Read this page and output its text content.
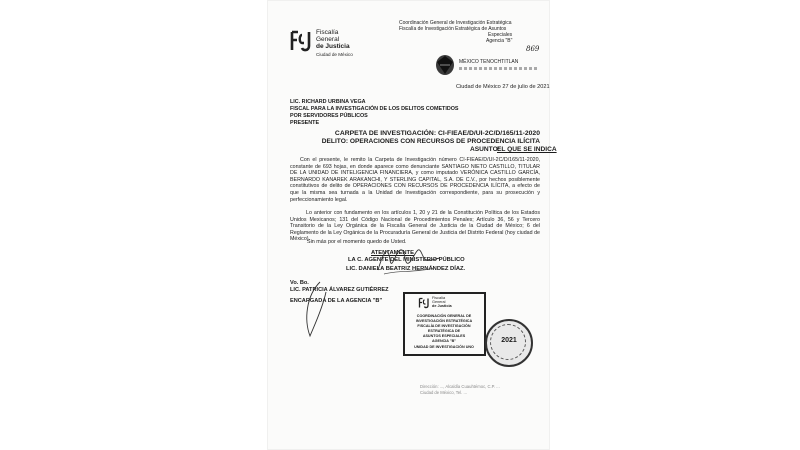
Fiscalía
General
de Justicia
Ciudad de México
Coordinación General de Investigación Estratégica
Fiscalía de Investigación Estratégica de Asuntos
Especiales
Agencia "B"
869
MÉXICO TENOCHTITLAN
Ciudad de México 27 de julio de 2021
LIC. RICHARD URBINA VEGA
FISCAL PARA LA INVESTIGACIÓN DE LOS DELITOS COMETIDOS
POR SERVIDORES PÚBLICOS
PRESENTE
CARPETA DE INVESTIGACIÓN: CI-FIEAE/D/UI-2C/D/165/11-2020
DELITO: OPERACIONES CON RECURSOS DE PROCEDENCIA ILÍCITA
ASUNTO:
EL QUE SE INDICA
Con el presente, le remito la Carpeta de Investigación número CI-FIEAE/D/UI-2C/D/165/11-2020, constante de 693 hojas, en donde aparece como denunciante SANTIAGO NIETO CASTILLO, TITULAR DE LA UNIDAD DE INTELIGENCIA FINANCIERA, y como imputado VERÓNICA CASTILLO GARCÍA, BERNARDO KANAREK ARAKANCHI, Y STERLING CAPITAL, S.A. DE C.V., por hechos posiblemente constitutivos de delito de OPERACIONES CON RECURSOS DE PROCEDENCIA ILÍCITA, a efecto de que la misma sea turnada a la Unidad de Investigación correspondiente, para su prosecución y perfeccionamiento legal.
Lo anterior con fundamento en los artículos 1, 20 y 21 de la Constitución Política de los Estados Unidos Mexicanos; 131 del Código Nacional de Procedimientos Penales; Artículo 36, 56 y Tercero Transitorio de la Ley Orgánica de la Fiscalía General de Justicia de la Ciudad de México; 6 del Reglamento de la Ley Orgánica de la Procuraduría General de Justicia del Distrito Federal (hoy ciudad de México).
Sin más por el momento quedo de Usted.
ATENTAMENTE
LA C. AGENTE DEL MINISTERIO PÚBLICO
LIC. DANIELA BEATRIZ HERNÁNDEZ DÍAZ.
Vo. Bo.
LIC. PATRICIA ÁLVAREZ GUTIÉRREZ
ENCARGADA DE LA AGENCIA "B"	Fiscalía
General
de Justicia
COORDINACIÓN GENERAL DE
INVESTIGACIÓN ESTRATÉGICA
FISCALÍA DE INVESTIGACIÓN
ESTRATÉGICA DE
ASUNTOS ESPECIALES
AGENCIA "B"
UNIDAD DE INVESTIGACIÓN UNO
2021
Dirección: ..., Alcaldía Cuauhtémoc, C.P. ...
Ciudad de México, Tel. ...
